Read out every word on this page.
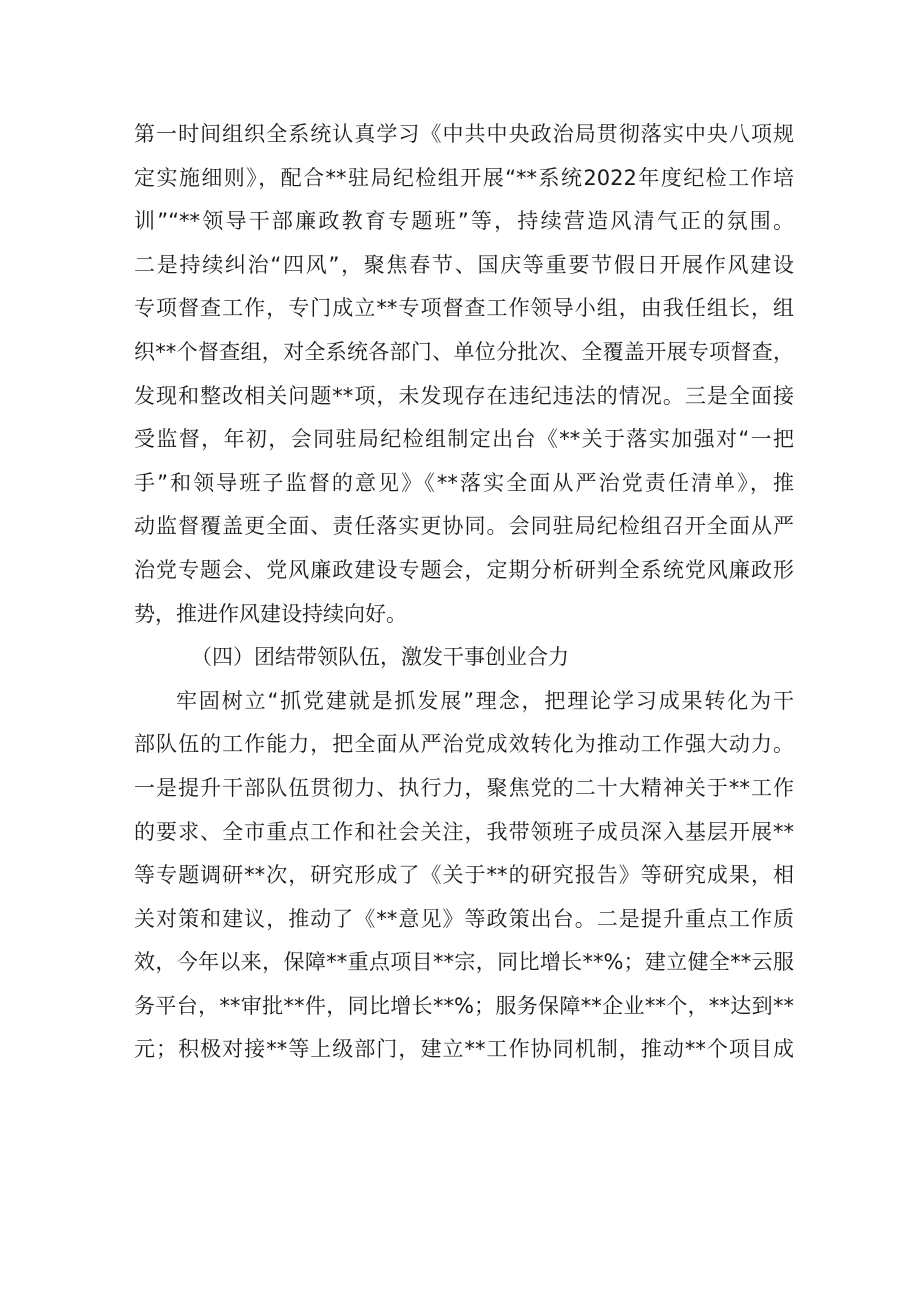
第一时间组织全系统认真学习《中共中央政治局贯彻落实中央八项规
定实施细则》，配合**驻局纪检组开展“**系统2022年度纪检工作培
训”“**领导干部廉政教育专题班”等，持续营造风清气正的氛围。
二是持续纠治“四风”，聚焦春节、国庆等重要节假日开展作风建设
专项督查工作，专门成立**专项督查工作领导小组，由我任组长，组
织**个督查组，对全系统各部门、单位分批次、全覆盖开展专项督查，
发现和整改相关问题**项，未发现存在违纪违法的情况。三是全面接
受监督，年初，会同驻局纪检组制定出台《**关于落实加强对“一把
手”和领导班子监督的意见》《**落实全面从严治党责任清单》，推
动监督覆盖更全面、责任落实更协同。会同驻局纪检组召开全面从严
治党专题会、党风廉政建设专题会，定期分析研判全系统党风廉政形
势，推进作风建设持续向好。
（四）团结带领队伍，激发干事创业合力
牢固树立“抓党建就是抓发展”理念，把理论学习成果转化为干
部队伍的工作能力，把全面从严治党成效转化为推动工作强大动力。
一是提升干部队伍贯彻力、执行力，聚焦党的二十大精神关于**工作
的要求、全市重点工作和社会关注，我带领班子成员深入基层开展**
等专题调研**次，研究形成了《关于**的研究报告》等研究成果，相
关对策和建议，推动了《**意见》等政策出台。二是提升重点工作质
效，今年以来，保障**重点项目**宗，同比增长**%；建立健全**云服
务平台，**审批**件，同比增长**%；服务保障**企业**个，**达到**
元；积极对接**等上级部门，建立**工作协同机制，推动**个项目成
